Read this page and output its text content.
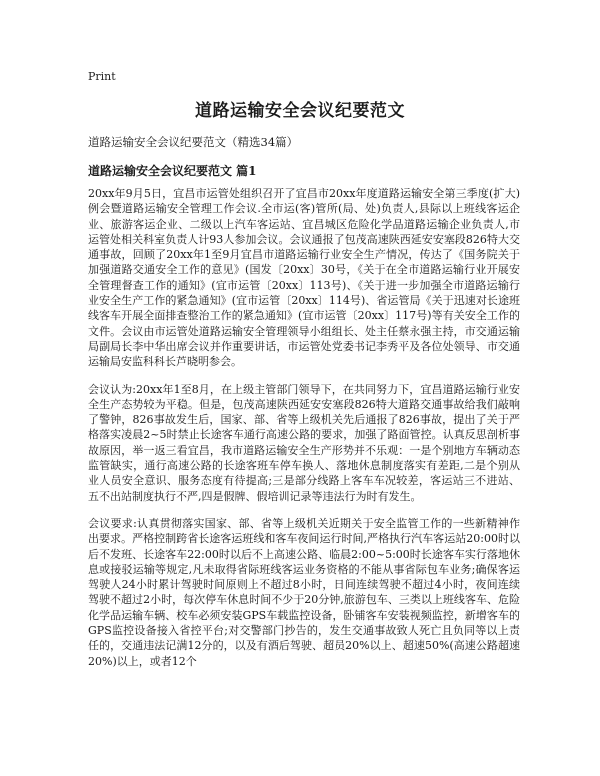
Print
道路运输安全会议纪要范文
道路运输安全会议纪要范文（精选34篇）
道路运输安全会议纪要范文 篇1

20xx年9月5日，宜昌市运管处组织召开了宜昌市20xx年度道路运输安全第三季度(扩大)例会暨道路运输安全管理工作会议.全市运(客)管所(局、处)负责人,县际以上班线客运企业、旅游客运企业、二级以上汽车客运站、宜昌城区危险化学品道路运输企业负责人,市运管处相关科室负责人计93人参加会议。会议通报了包茂高速陕西延安安塞段826特大交通事故，回顾了20xx年1至9月宜昌市道路运输行业安全生产情况，传达了《国务院关于加强道路交通安全工作的意见》(国发〔20xx〕30号，《关于在全市道路运输行业开展安全管理督查工作的通知》(宜市运管〔20xx〕113号)、《关于进一步加强全市道路运输行业安全生产工作的紧急通知》(宜市运管〔20xx〕114号)、省运管局《关于迅速对长途班线客车开展全面排查整治工作的紧急通知》(宜市运管〔20xx〕117号)等有关安全工作的文件。会议由市运管处道路运输安全管理领导小组组长、处主任蔡永强主持，市交通运输局副局长李中华出席会议并作重要讲话，市运管处党委书记李秀平及各位处领导、市交通运输局安监科科长芦晓明参会。

会议认为:20xx年1至8月，在上级主管部门领导下，在共同努力下，宜昌道路运输行业安全生产态势较为平稳。但是，包茂高速陕西延安安塞段826特大道路交通事故给我们敲响了警钟，826事故发生后，国家、部、省等上级机关先后通报了826事故，提出了关于严格落实凌晨2~5时禁止长途客车通行高速公路的要求，加强了路面管控。认真反思剖析事故原因，举一返三看宜昌，我市道路运输安全生产形势并不乐观：一是个别地方车辆动态监管缺实，通行高速公路的长途客班车停车换人、落地休息制度落实有差距,二是个别从业人员安全意识、服务态度有待提高;三是部分线路上客车车况较差，客运站三不进站、五不出站制度执行不严,四是假牌、假培训记录等违法行为时有发生。

会议要求:认真贯彻落实国家、部、省等上级机关近期关于安全监管工作的一些新精神作出要求。严格控制跨省长途客运班线和客车夜间运行时间,严格执行汽车客运站20:00时以后不发班、长途客车22:00时以后不上高速公路、临晨2:00~5:00时长途客车实行落地休息或接驳运输等规定,凡未取得省际班线客运业务资格的不能从事省际包车业务;确保客运驾驶人24小时累计驾驶时间原则上不超过8小时，日间连续驾驶不超过4小时，夜间连续驾驶不超过2小时，每次停车休息时间不少于20分钟,旅游包车、三类以上班线客车、危险化学品运输车辆、校车必须安装GPS车载监控设备，卧铺客车安装视频监控，新增客车的GPS监控设备接入省控平台;对交警部门抄告的，发生交通事故致人死亡且负同等以上责任的，交通违法记满12分的，以及有酒后驾驶、超员20%以上、超速50%(高速公路超速20%)以上，或者12个
